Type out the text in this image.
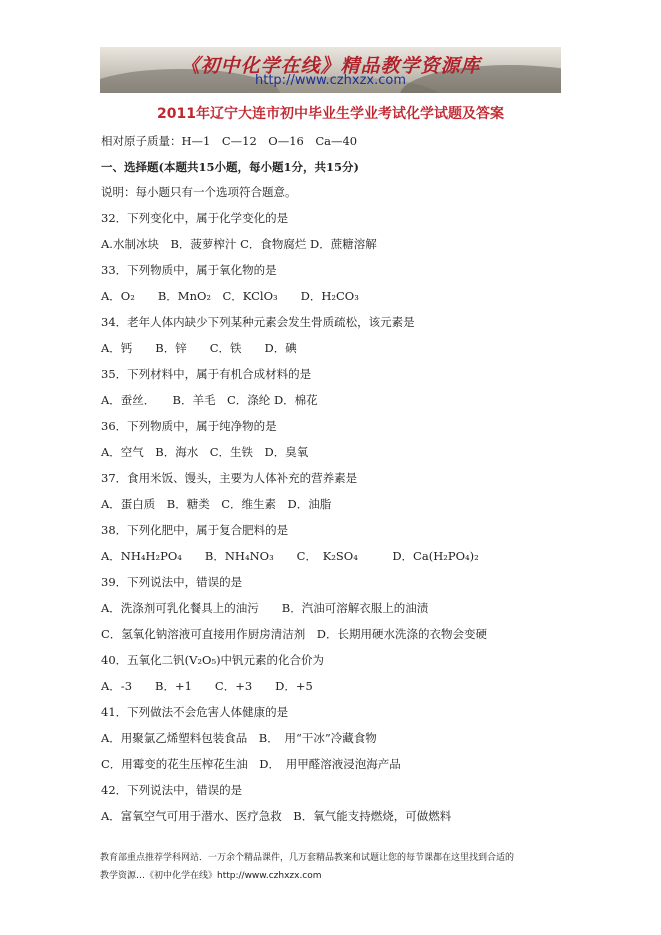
《初中化学在线》精品教学资源库
http://www.czhxzx.com
2011年辽宁大连市初中毕业生学业考试化学试题及答案
相对原子质量：H—1　C—12　O—16　Ca—40
一、选择题(本题共15小题，每小题1分，共15分)
说明：每小题只有一个选项符合题意。
32．下列变化中，属于化学变化的是
A.水制冰块　B．菠萝榨汁 C．食物腐烂 D．蔗糖溶解
33．下列物质中，属于氧化物的是
A．O₂　　B．MnO₂　C．KClO₃　　D．H₂CO₃
34．老年人体内缺少下列某种元素会发生骨质疏松，该元素是
A．钙　　B．锌　　C．铁　　D．碘
35．下列材料中，属于有机合成材料的是
A．蚕丝．　　B．羊毛　C．涤纶 D．棉花
36．下列物质中，属于纯净物的是
A．空气　B．海水　C．生铁　D．臭氧
37．食用米饭、馒头，主要为人体补充的营养素是
A．蛋白质　B．糖类　C．维生素　D．油脂
38．下列化肥中，属于复合肥料的是
A．NH₄H₂PO₄　　B．NH₄NO₃　　C．　K₂SO₄　　　D．Ca(H₂PO₄)₂
39．下列说法中，错误的是
A．洗涤剂可乳化餐具上的油污　　B．汽油可溶解衣服上的油渍
C．氢氧化钠溶液可直接用作厨房清洁剂　D．长期用硬水洗涤的衣物会变硬
40．五氧化二钒(V₂O₅)中钒元素的化合价为
A．-3　　B．+1　　C．+3　　D．+5
41．下列做法不会危害人体健康的是
A．用聚氯乙烯塑料包装食品　B．　用“干冰”冷藏食物
C．用霉变的花生压榨花生油　D．　用甲醛溶液浸泡海产品
42．下列说法中，错误的是
A．富氧空气可用于潜水、医疗急救　B．氧气能支持燃烧，可做燃料
教育部重点推荐学科网站．一万余个精品课件，几万套精品教案和试题让您的每节课都在这里找到合适的
教学资源…《初中化学在线》http://www.czhxzx.com
